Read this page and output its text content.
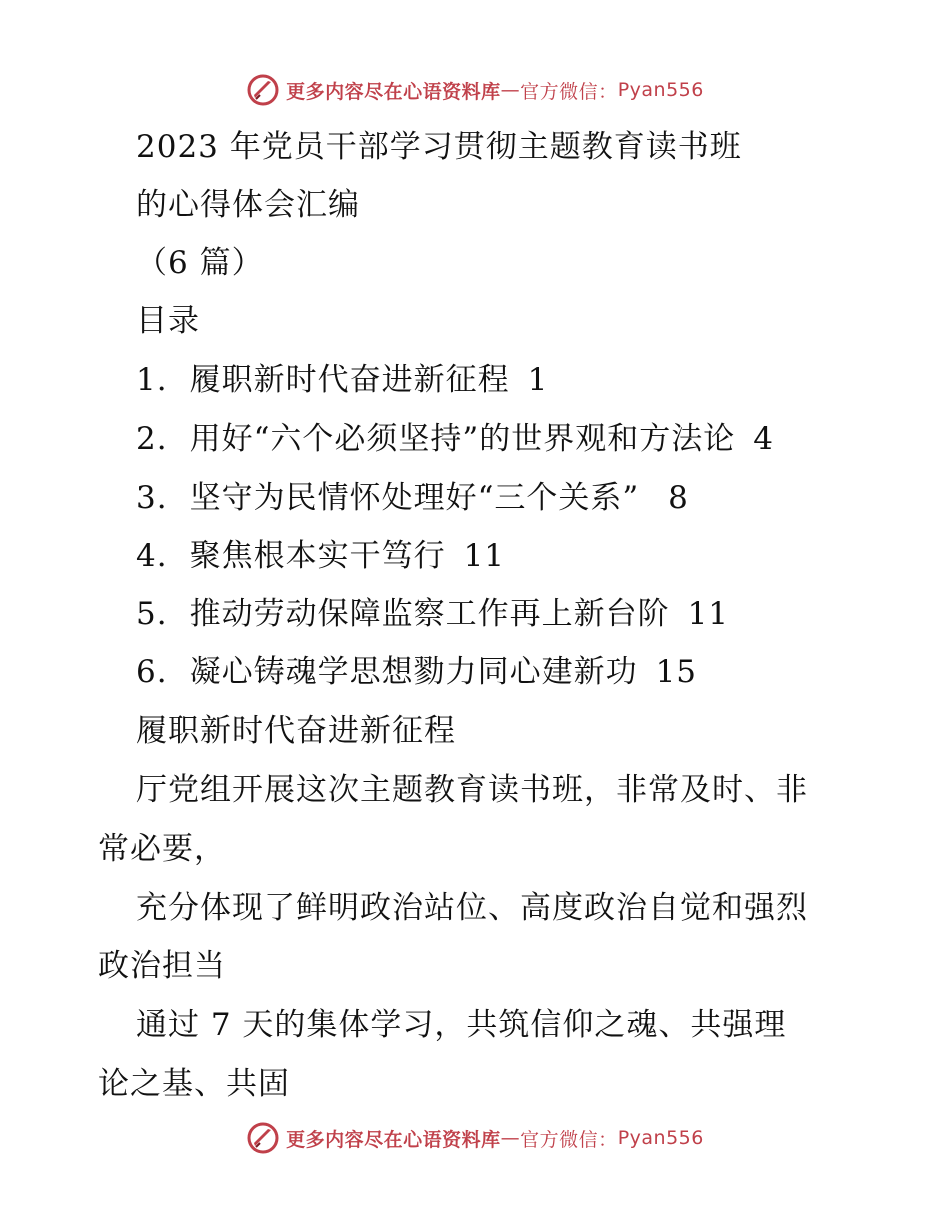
更多内容尽在心语资料库 — 官方微信： Pyan556
2023 年党员干部学习贯彻主题教育读书班
的心得体会汇编
（6 篇）
目录
1. 履职新时代奋进新征程 1
2. 用好“六个必须坚持”的世界观和方法论 4
3. 坚守为民情怀处理好“三个关系” 8
4. 聚焦根本实干笃行 11
5. 推动劳动保障监察工作再上新台阶 11
6. 凝心铸魂学思想勠力同心建新功 15
履职新时代奋进新征程
厅党组开展这次主题教育读书班，非常及时、非
常必要，
充分体现了鲜明政治站位、高度政治自觉和强烈
政治担当
通过 7 天的集体学习，共筑信仰之魂、共强理
论之基、共固
更多内容尽在心语资料库 — 官方微信： Pyan556
